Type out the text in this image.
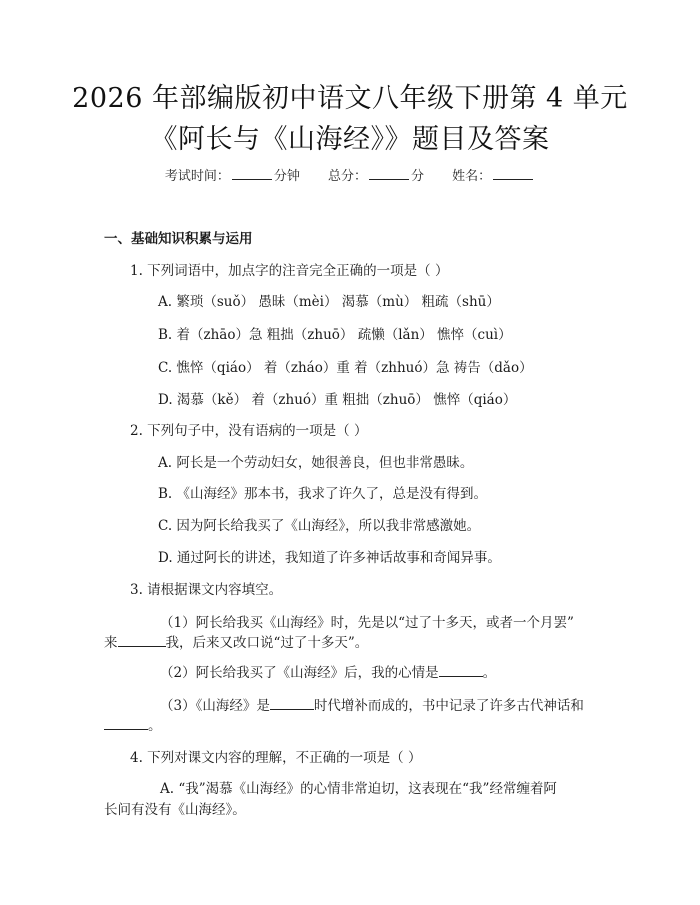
2026 年部编版初中语文八年级下册第 4 单元
《阿长与《山海经》》题目及答案
考试时间：	分钟 总分：	分 姓名：
一、基础知识积累与运用
1. 下列词语中，加点字的注音完全正确的一项是（ ）
A. 繁琐（suǒ） 愚昧（mèi） 渴慕（mù） 粗疏（shū）
B. 着（zhāo）急 粗拙（zhuō） 疏懒（lǎn） 憔悴（cuì）
C. 憔悴（qiáo） 着（zháo）重 着（zhhuó）急 祷告（dǎo）
D. 渴慕（kě） 着（zhuó）重 粗拙（zhuō） 憔悴（qiáo）
2. 下列句子中，没有语病的一项是（ ）
A. 阿长是一个劳动妇女，她很善良，但也非常愚昧。
B. 《山海经》那本书，我求了许久了，总是没有得到。
C. 因为阿长给我买了《山海经》，所以我非常感激她。
D. 通过阿长的讲述，我知道了许多神话故事和奇闻异事。
3. 请根据课文内容填空。
（1）阿长给我买《山海经》时，先是以“过了十多天，或者一个月罢”
来	我，后来又改口说“过了十多天”。
（2）阿长给我买了《山海经》后，我的心情是	。
（3）《山海经》是	时代增补而成的，书中记录了许多古代神话和
。
4. 下列对课文内容的理解，不正确的一项是（ ）
A. “我”渴慕《山海经》的心情非常迫切，这表现在“我”经常缠着阿
长问有没有《山海经》。
